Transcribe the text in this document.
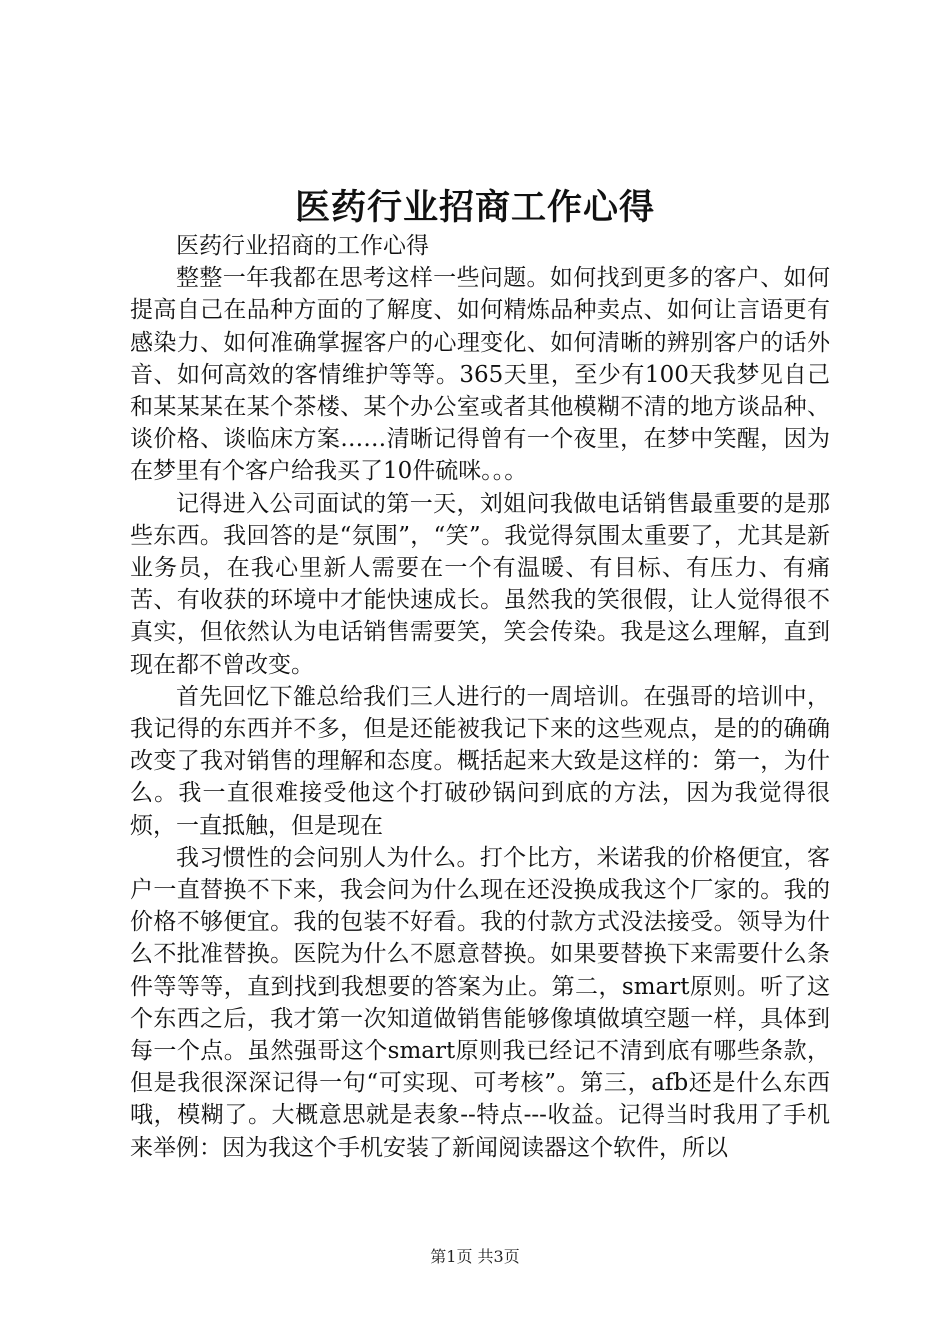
医药行业招商工作心得

医药行业招商的工作心得

整整一年我都在思考这样一些问题。如何找到更多的客户、如何提高自己在品种方面的了解度、如何精炼品种卖点、如何让言语更有感染力、如何准确掌握客户的心理变化、如何清晰的辨别客户的话外音、如何高效的客情维护等等。365天里，至少有100天我梦见自己和某某某在某个茶楼、某个办公室或者其他模糊不清的地方谈品种、谈价格、谈临床方案……清晰记得曾有一个夜里，在梦中笑醒，因为在梦里有个客户给我买了10件硫咪。。。

记得进入公司面试的第一天，刘姐问我做电话销售最重要的是那些东西。我回答的是“氛围”，“笑”。我觉得氛围太重要了，尤其是新业务员，在我心里新人需要在一个有温暖、有目标、有压力、有痛苦、有收获的环境中才能快速成长。虽然我的笑很假，让人觉得很不真实，但依然认为电话销售需要笑，笑会传染。我是这么理解，直到现在都不曾改变。

首先回忆下雒总给我们三人进行的一周培训。在强哥的培训中，我记得的东西并不多，但是还能被我记下来的这些观点，是的的确确改变了我对销售的理解和态度。概括起来大致是这样的：第一，为什么。我一直很难接受他这个打破砂锅问到底的方法，因为我觉得很烦，一直抵触，但是现在

我习惯性的会问别人为什么。打个比方，米诺我的价格便宜，客户一直替换不下来，我会问为什么现在还没换成我这个厂家的。我的价格不够便宜。我的包装不好看。我的付款方式没法接受。领导为什么不批准替换。医院为什么不愿意替换。如果要替换下来需要什么条件等等等，直到找到我想要的答案为止。第二，smart原则。听了这个东西之后，我才第一次知道做销售能够像填做填空题一样，具体到每一个点。虽然强哥这个smart原则我已经记不清到底有哪些条款，但是我很深深记得一句“可实现、可考核”。第三，afb还是什么东西哦，模糊了。大概意思就是表象--特点---收益。记得当时我用了手机来举例：因为我这个手机安装了新闻阅读器这个软件，所以

第1页 共3页
